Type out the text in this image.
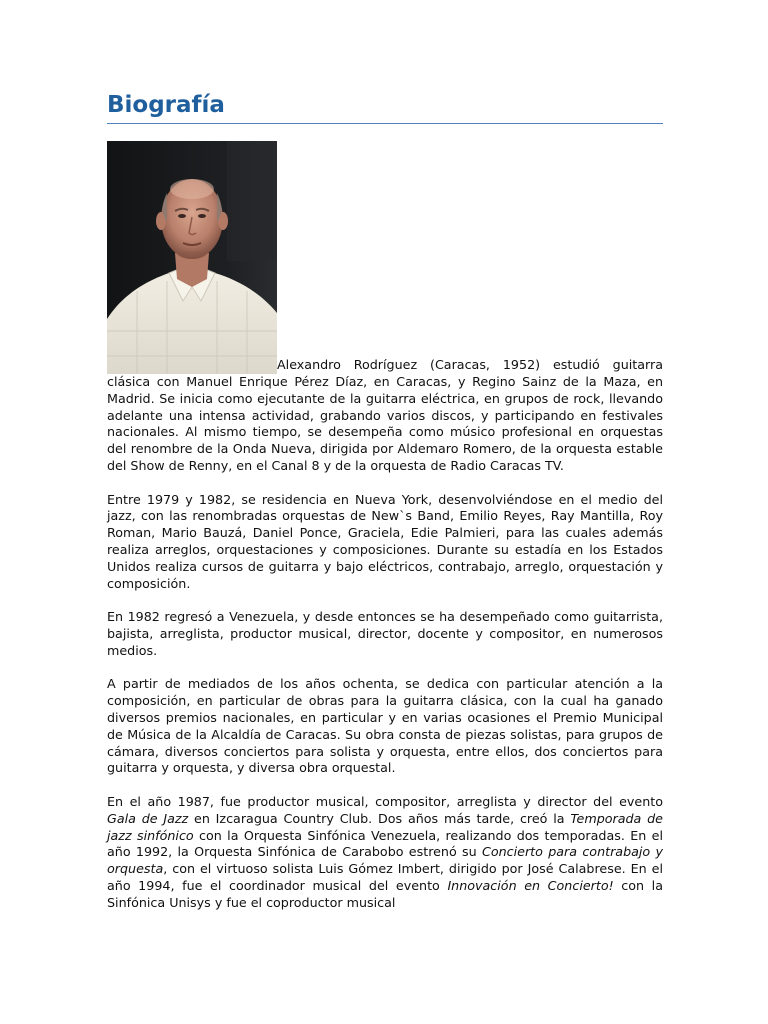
Biografía

Alexandro Rodríguez (Caracas, 1952) estudió guitarra clásica con Manuel Enrique Pérez Díaz, en Caracas, y Regino Sainz de la Maza, en Madrid. Se inicia como ejecutante de la guitarra eléctrica, en grupos de rock, llevando adelante una intensa actividad, grabando varios discos, y participando en festivales nacionales. Al mismo tiempo, se desempeña como músico profesional en orquestas del renombre de la Onda Nueva, dirigida por Aldemaro Romero, de la orquesta estable del Show de Renny, en el Canal 8 y de la orquesta de Radio Caracas TV.

Entre 1979 y 1982, se residencia en Nueva York, desenvolviéndose en el medio del jazz, con las renombradas orquestas de New`s Band, Emilio Reyes, Ray Mantilla, Roy Roman, Mario Bauzá, Daniel Ponce, Graciela, Edie Palmieri, para las cuales además realiza arreglos, orquestaciones y composiciones. Durante su estadía en los Estados Unidos realiza cursos de guitarra y bajo eléctricos, contrabajo, arreglo, orquestación y composición.

En 1982 regresó a Venezuela, y desde entonces se ha desempeñado como guitarrista, bajista, arreglista, productor musical, director, docente y compositor, en numerosos medios.

A partir de mediados de los años ochenta, se dedica con particular atención a la composición, en particular de obras para la guitarra clásica, con la cual ha ganado diversos premios nacionales, en particular y en varias ocasiones el Premio Municipal de Música de la Alcaldía de Caracas. Su obra consta de piezas solistas, para grupos de cámara, diversos conciertos para solista y orquesta, entre ellos, dos conciertos para guitarra y orquesta, y diversa obra orquestal.

En el año 1987, fue productor musical, compositor, arreglista y director del evento Gala de Jazz en Izcaragua Country Club. Dos años más tarde, creó la Temporada de jazz sinfónico con la Orquesta Sinfónica Venezuela, realizando dos temporadas. En el año 1992, la Orquesta Sinfónica de Carabobo estrenó su Concierto para contrabajo y orquesta, con el virtuoso solista Luis Gómez Imbert, dirigido por José Calabrese. En el año 1994, fue el coordinador musical del evento Innovación en Concierto! con la Sinfónica Unisys y fue el coproductor musical
